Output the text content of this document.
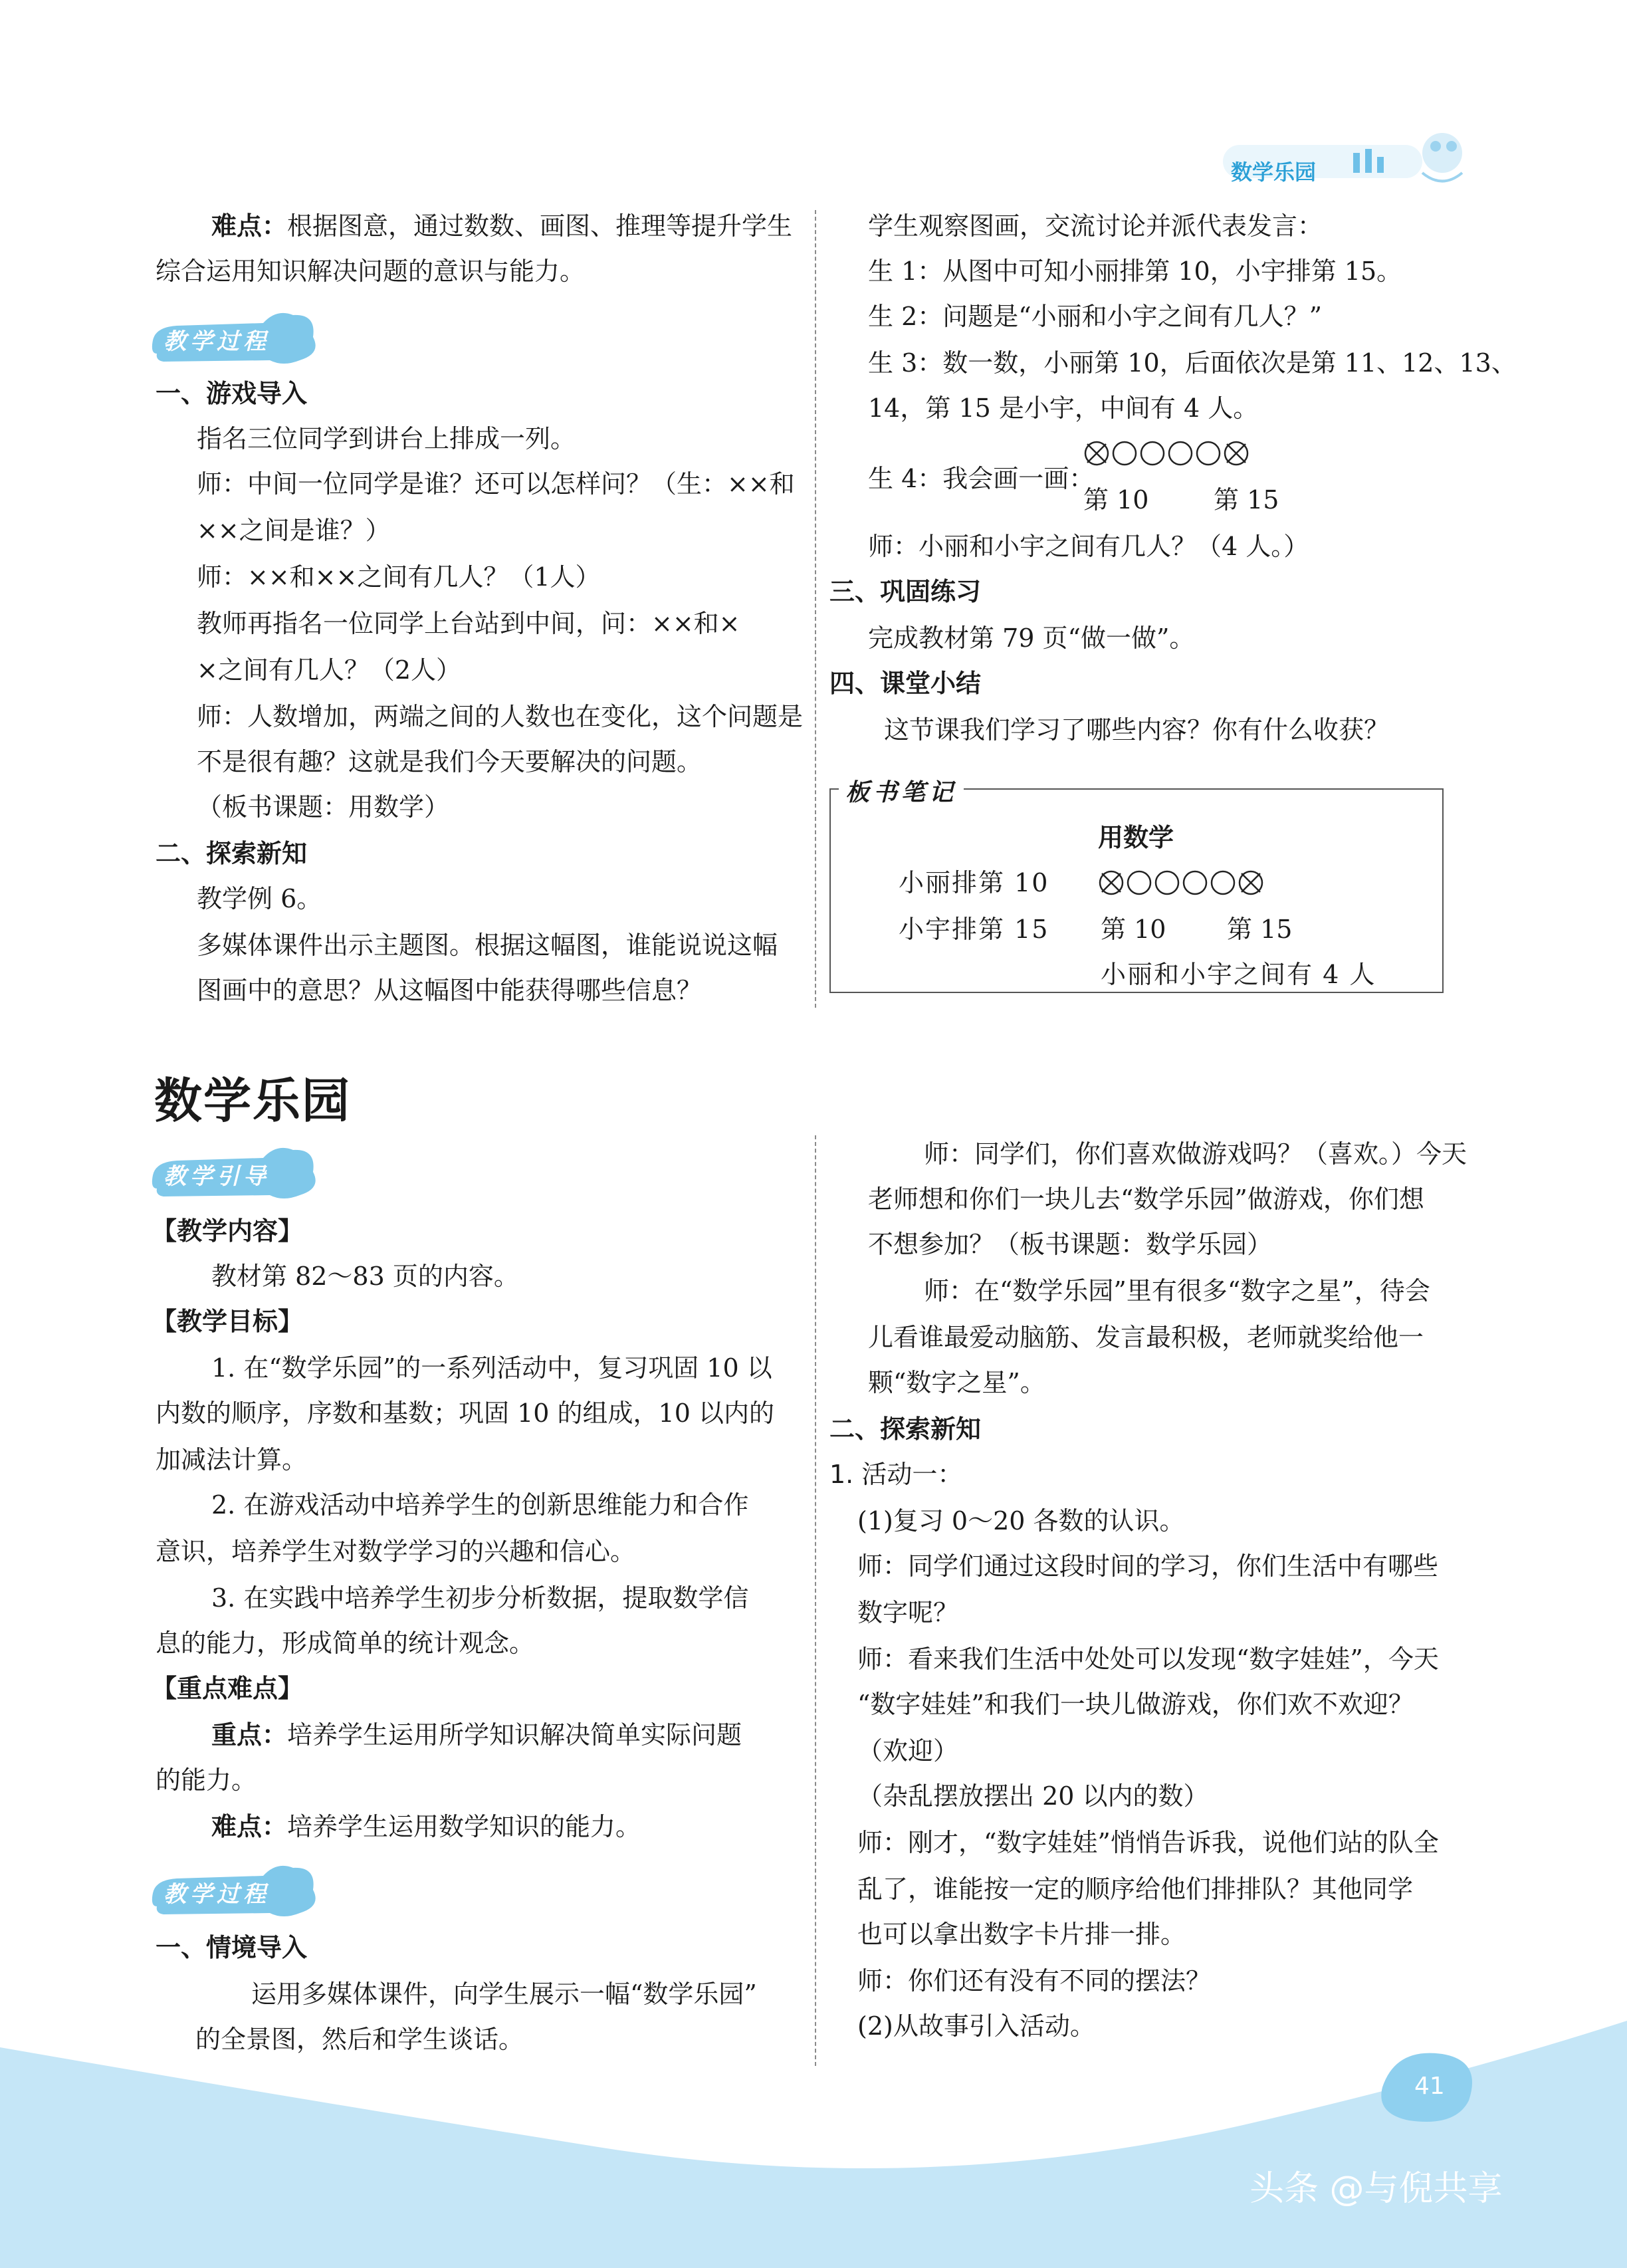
数学乐园
难点：根据图意，通过数数、画图、推理等提升学生
综合运用知识解决问题的意识与能力。
教学过程
一、游戏导入
指名三位同学到讲台上排成一列。
师：中间一位同学是谁？还可以怎样问？（生：××和
××之间是谁？）
师：××和××之间有几人？（1人）
教师再指名一位同学上台站到中间，问：××和×
×之间有几人？（2人）
师：人数增加，两端之间的人数也在变化，这个问题是
不是很有趣？这就是我们今天要解决的问题。
（板书课题：用数学）
二、探索新知
教学例 6。
多媒体课件出示主题图。根据这幅图，谁能说说这幅
图画中的意思？从这幅图中能获得哪些信息？
学生观察图画，交流讨论并派代表发言：
生 1：从图中可知小丽排第 10，小宇排第 15。
生 2：问题是“小丽和小宇之间有几人？”
生 3：数一数，小丽第 10，后面依次是第 11、12、13、
14，第 15 是小宇，中间有 4 人。
生 4：我会画一画：
第 10	第 15
师：小丽和小宇之间有几人？（4 人。）
三、巩固练习
完成教材第 79 页“做一做”。
四、课堂小结
这节课我们学习了哪些内容？你有什么收获？
板书笔记
用数学
小丽排第 10
小宇排第 15 第 10 第 15
小丽和小宇之间有 4 人
数学乐园
教学引导
【教学内容】
教材第 82～83 页的内容。
【教学目标】
1. 在“数学乐园”的一系列活动中，复习巩固 10 以
内数的顺序，序数和基数；巩固 10 的组成，10 以内的
加减法计算。
2. 在游戏活动中培养学生的创新思维能力和合作
意识，培养学生对数学学习的兴趣和信心。
3. 在实践中培养学生初步分析数据，提取数学信
息的能力，形成简单的统计观念。
【重点难点】
重点：培养学生运用所学知识解决简单实际问题
的能力。
难点：培养学生运用数学知识的能力。
教学过程
一、情境导入
运用多媒体课件，向学生展示一幅“数学乐园”
的全景图，然后和学生谈话。
师：同学们，你们喜欢做游戏吗？（喜欢。）今天
老师想和你们一块儿去“数学乐园”做游戏，你们想
不想参加？（板书课题：数学乐园）
师：在“数学乐园”里有很多“数字之星”，待会
儿看谁最爱动脑筋、发言最积极，老师就奖给他一
颗“数字之星”。
二、探索新知
1. 活动一：
(1)复习 0～20 各数的认识。
师：同学们通过这段时间的学习，你们生活中有哪些
数字呢？
师：看来我们生活中处处可以发现“数字娃娃”，今天
“数字娃娃”和我们一块儿做游戏，你们欢不欢迎？
（欢迎）
（杂乱摆放摆出 20 以内的数）
师：刚才，“数字娃娃”悄悄告诉我，说他们站的队全
乱了，谁能按一定的顺序给他们排排队？其他同学
也可以拿出数字卡片排一排。
师：你们还有没有不同的摆法？
(2)从故事引入活动。
41
头条 @与倪共享
